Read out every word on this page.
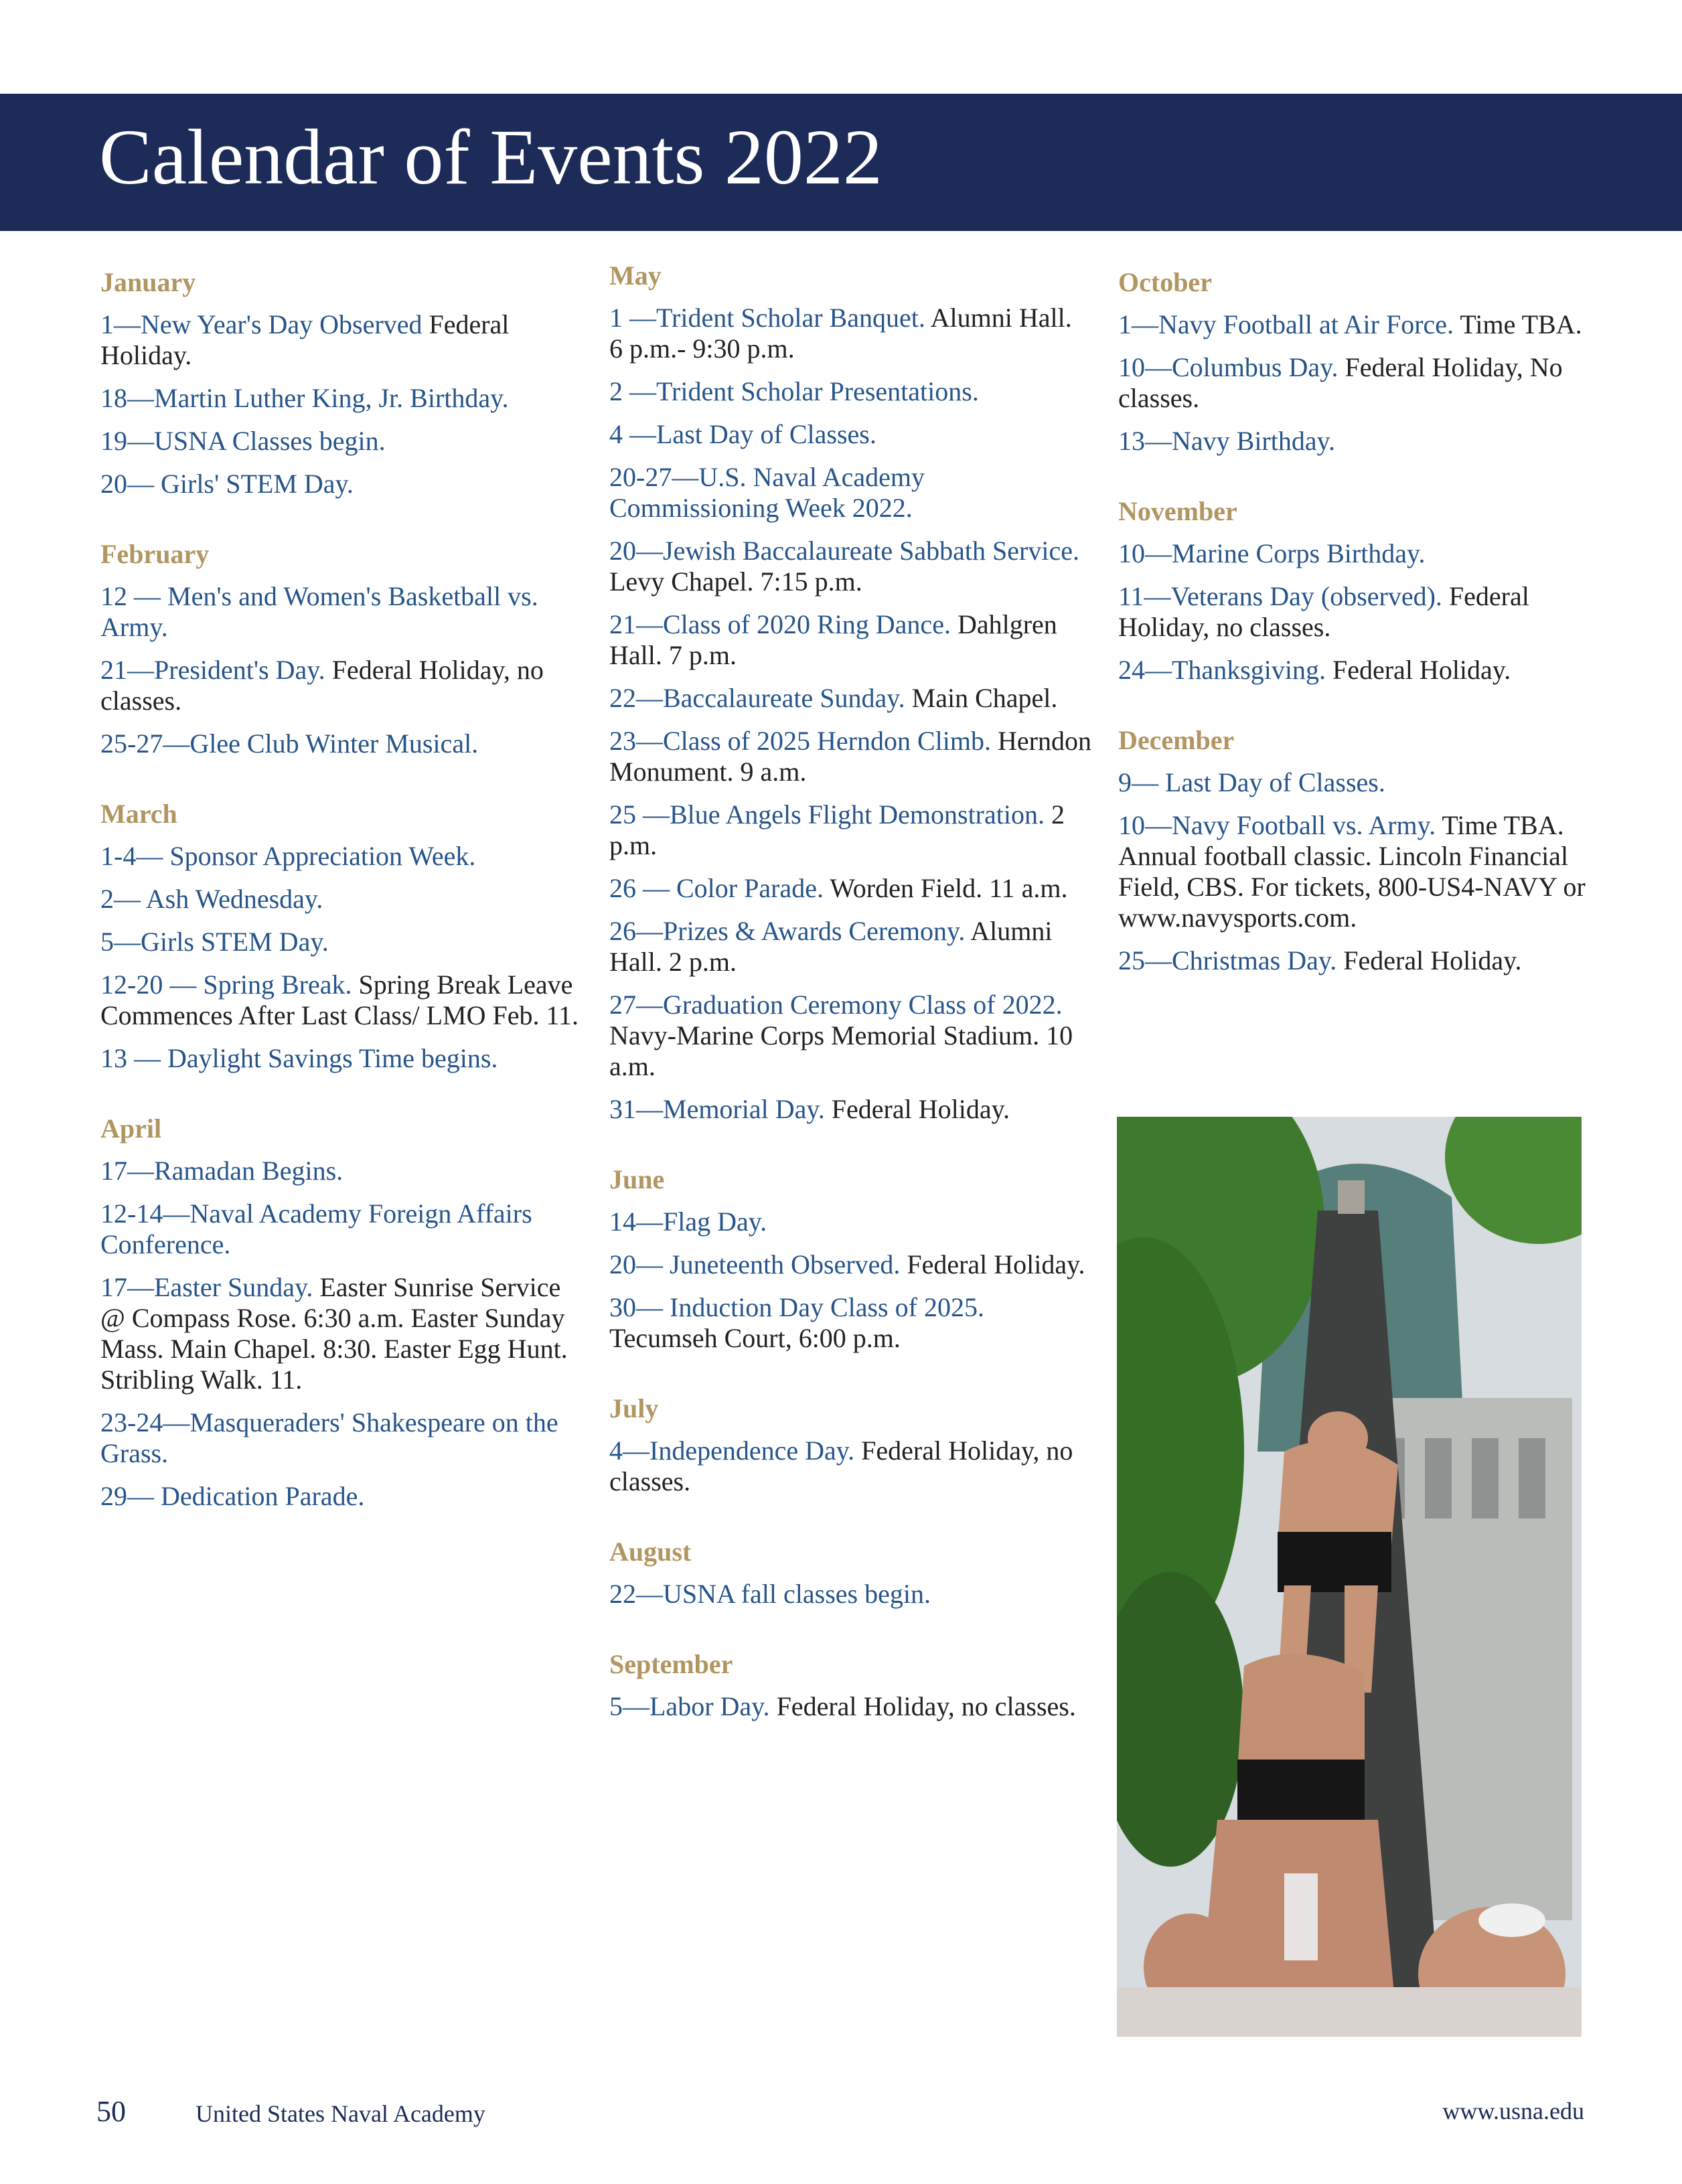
Calendar of Events 2022
January
1—New Year's Day Observed Federal Holiday.
18—Martin Luther King, Jr. Birthday.
19—USNA Classes begin.
20— Girls' STEM Day.
February
12 — Men's and Women's Basketball vs. Army.
21—President's Day. Federal Holiday, no classes.
25-27—Glee Club Winter Musical.
March
1-4— Sponsor Appreciation Week.
2— Ash Wednesday.
5—Girls STEM Day.
12-20 — Spring Break. Spring Break Leave Commences After Last Class/ LMO Feb. 11.
13 — Daylight Savings Time begins.
April
17—Ramadan Begins.
12-14—Naval Academy Foreign Affairs Conference.
17—Easter Sunday. Easter Sunrise Service @ Compass Rose. 6:30 a.m. Easter Sunday Mass. Main Chapel. 8:30. Easter Egg Hunt. Stribling Walk. 11.
23-24—Masqueraders' Shakespeare on the Grass.
29— Dedication Parade.
May
1 —Trident Scholar Banquet. Alumni Hall. 6 p.m.- 9:30 p.m.
2 —Trident Scholar Presentations.
4 —Last Day of Classes.
20-27—U.S. Naval Academy Commissioning Week 2022.
20—Jewish Baccalaureate Sabbath Service. Levy Chapel. 7:15 p.m.
21—Class of 2020 Ring Dance. Dahlgren Hall. 7 p.m.
22—Baccalaureate Sunday. Main Chapel.
23—Class of 2025 Herndon Climb. Herndon Monument. 9 a.m.
25 —Blue Angels Flight Demonstration. 2 p.m.
26 — Color Parade. Worden Field. 11 a.m.
26—Prizes & Awards Ceremony. Alumni Hall. 2 p.m.
27—Graduation Ceremony Class of 2022. Navy-Marine Corps Memorial Stadium. 10 a.m.
31—Memorial Day. Federal Holiday.
June
14—Flag Day.
20— Juneteenth Observed. Federal Holiday.
30— Induction Day Class of 2025. Tecumseh Court, 6:00 p.m.
July
4—Independence Day. Federal Holiday, no classes.
August
22—USNA fall classes begin.
September
5—Labor Day. Federal Holiday, no classes.
October
1—Navy Football at Air Force. Time TBA.
10—Columbus Day. Federal Holiday, No classes.
13—Navy Birthday.
November
10—Marine Corps Birthday.
11—Veterans Day (observed). Federal Holiday, no classes.
24—Thanksgiving. Federal Holiday.
December
9— Last Day of Classes.
10—Navy Football vs. Army. Time TBA. Annual football classic. Lincoln Financial Field, CBS. For tickets, 800-US4-NAVY or www.navysports.com.
25—Christmas Day. Federal Holiday.
50	United States Naval Academy	www.usna.edu
